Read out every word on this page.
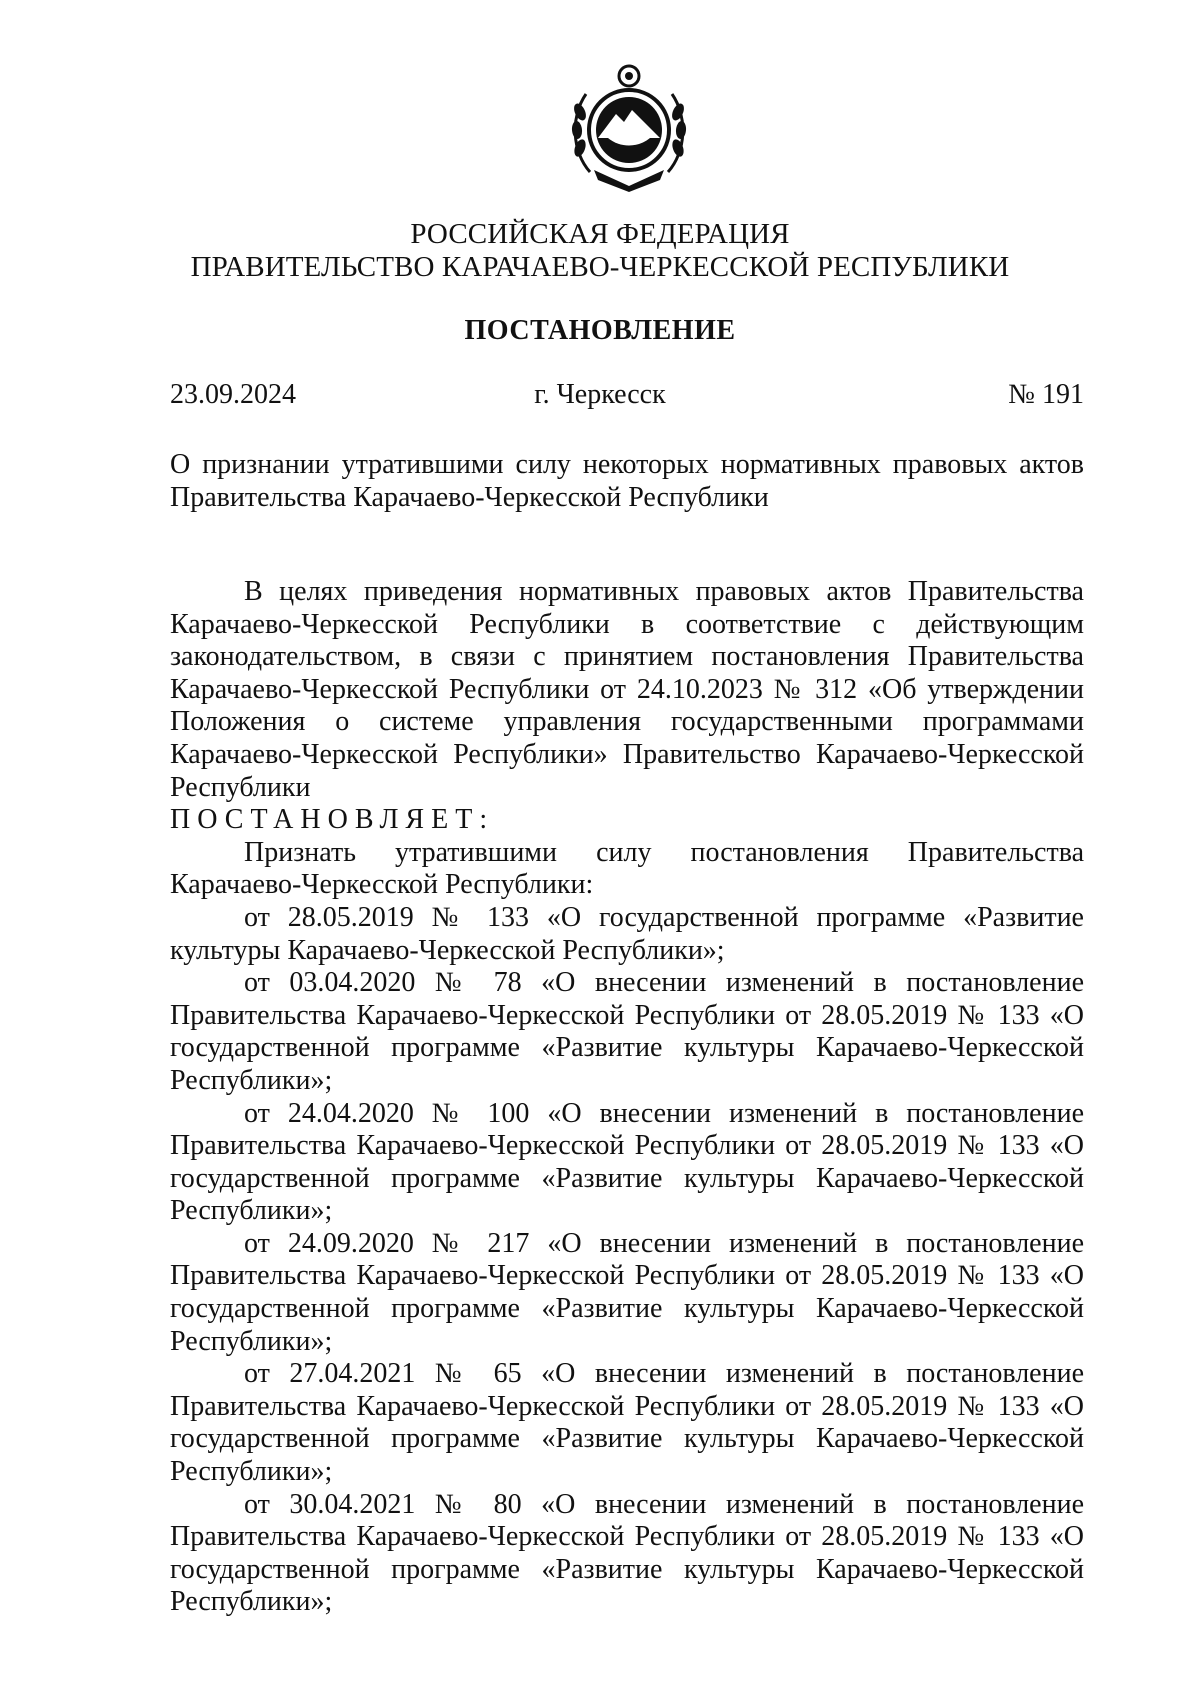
РОССИЙСКАЯ ФЕДЕРАЦИЯ
ПРАВИТЕЛЬСТВО КАРАЧАЕВО-ЧЕРКЕССКОЙ РЕСПУБЛИКИ
ПОСТАНОВЛЕНИЕ
23.09.2024	г. Черкесск	№ 191
О признании утратившими силу некоторых нормативных правовых актов Правительства Карачаево-Черкесской Республики

В целях приведения нормативных правовых актов Правительства Карачаево-Черкесской Республики в соответствие с действующим законодательством, в связи с принятием постановления Правительства Карачаево-Черкесской Республики от 24.10.2023 № 312 «Об утверждении Положения о системе управления государственными программами Карачаево-Черкесской Республики» Правительство Карачаево-Черкесской Республики

ПОСТАНОВЛЯЕТ:

Признать утратившими силу постановления Правительства Карачаево-Черкесской Республики:

от 28.05.2019 № 133 «О государственной программе «Развитие культуры Карачаево-Черкесской Республики»;

от 03.04.2020 № 78 «О внесении изменений в постановление Правительства Карачаево-Черкесской Республики от 28.05.2019 № 133 «О государственной программе «Развитие культуры Карачаево-Черкесской Республики»;

от 24.04.2020 № 100 «О внесении изменений в постановление Правительства Карачаево-Черкесской Республики от 28.05.2019 № 133 «О государственной программе «Развитие культуры Карачаево-Черкесской Республики»;

от 24.09.2020 № 217 «О внесении изменений в постановление Правительства Карачаево-Черкесской Республики от 28.05.2019 № 133 «О государственной программе «Развитие культуры Карачаево-Черкесской Республики»;

от 27.04.2021 № 65 «О внесении изменений в постановление Правительства Карачаево-Черкесской Республики от 28.05.2019 № 133 «О государственной программе «Развитие культуры Карачаево-Черкесской Республики»;

от 30.04.2021 № 80 «О внесении изменений в постановление Правительства Карачаево-Черкесской Республики от 28.05.2019 № 133 «О государственной программе «Развитие культуры Карачаево-Черкесской Республики»;
